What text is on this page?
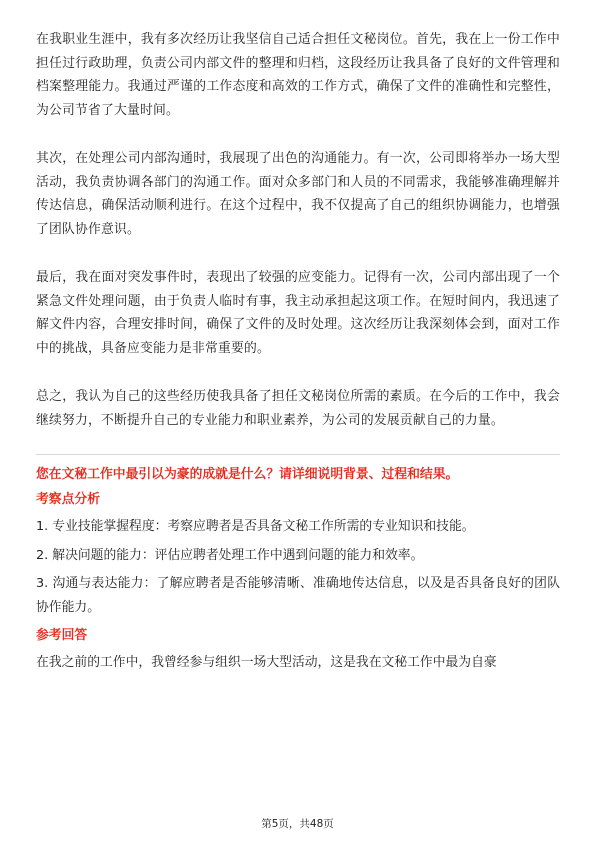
在我职业生涯中，我有多次经历让我坚信自己适合担任文秘岗位。首先，我在上一份工作中担任过行政助理，负责公司内部文件的整理和归档，这段经历让我具备了良好的文件管理和档案整理能力。我通过严谨的工作态度和高效的工作方式，确保了文件的准确性和完整性，为公司节省了大量时间。

其次，在处理公司内部沟通时，我展现了出色的沟通能力。有一次，公司即将举办一场大型活动，我负责协调各部门的沟通工作。面对众多部门和人员的不同需求，我能够准确理解并传达信息，确保活动顺利进行。在这个过程中，我不仅提高了自己的组织协调能力，也增强了团队协作意识。

最后，我在面对突发事件时，表现出了较强的应变能力。记得有一次，公司内部出现了一个紧急文件处理问题，由于负责人临时有事，我主动承担起这项工作。在短时间内，我迅速了解文件内容，合理安排时间，确保了文件的及时处理。这次经历让我深刻体会到，面对工作中的挑战，具备应变能力是非常重要的。

总之，我认为自己的这些经历使我具备了担任文秘岗位所需的素质。在今后的工作中，我会继续努力，不断提升自己的专业能力和职业素养，为公司的发展贡献自己的力量。

您在文秘工作中最引以为豪的成就是什么？请详细说明背景、过程和结果。
考察点分析
1. 专业技能掌握程度：考察应聘者是否具备文秘工作所需的专业知识和技能。
2. 解决问题的能力：评估应聘者处理工作中遇到问题的能力和效率。
3. 沟通与表达能力：了解应聘者是否能够清晰、准确地传达信息，以及是否具备良好的团队协作能力。
参考回答

在我之前的工作中，我曾经参与组织一场大型活动，这是我在文秘工作中最为自豪

第5页，共48页
